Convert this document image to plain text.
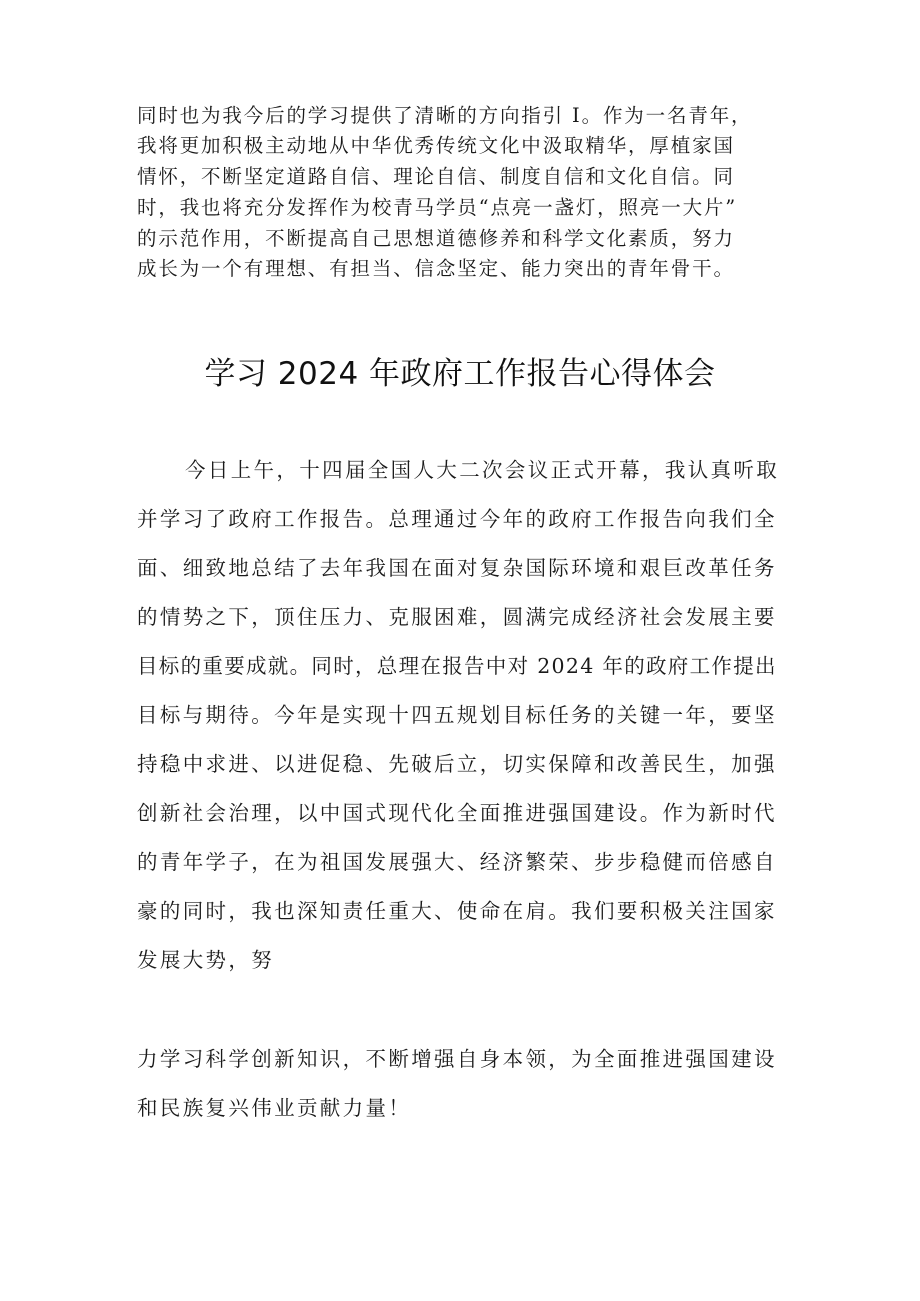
同时也为我今后的学习提供了清晰的方向指引 I。作为一名青年，

我将更加积极主动地从中华优秀传统文化中汲取精华，厚植家国

情怀，不断坚定道路自信、理论自信、制度自信和文化自信。同

时，我也将充分发挥作为校青马学员“点亮一盏灯，照亮一大片”

的示范作用，不断提高自己思想道德修养和科学文化素质，努力

成长为一个有理想、有担当、信念坚定、能力突出的青年骨干。

学习 2024 年政府工作报告心得体会

今日上午，十四届全国人大二次会议正式开幕，我认真听取

并学习了政府工作报告。总理通过今年的政府工作报告向我们全

面、细致地总结了去年我国在面对复杂国际环境和艰巨改革任务

的情势之下，顶住压力、克服困难，圆满完成经济社会发展主要

目标的重要成就。同时，总理在报告中对 2024 年的政府工作提出

目标与期待。今年是实现十四五规划目标任务的关键一年，要坚

持稳中求进、以进促稳、先破后立，切实保障和改善民生，加强

创新社会治理，以中国式现代化全面推进强国建设。作为新时代

的青年学子，在为祖国发展强大、经济繁荣、步步稳健而倍感自

豪的同时，我也深知责任重大、使命在肩。我们要积极关注国家

发展大势，努

力学习科学创新知识，不断增强自身本领，为全面推进强国建设

和民族复兴伟业贡献力量！
